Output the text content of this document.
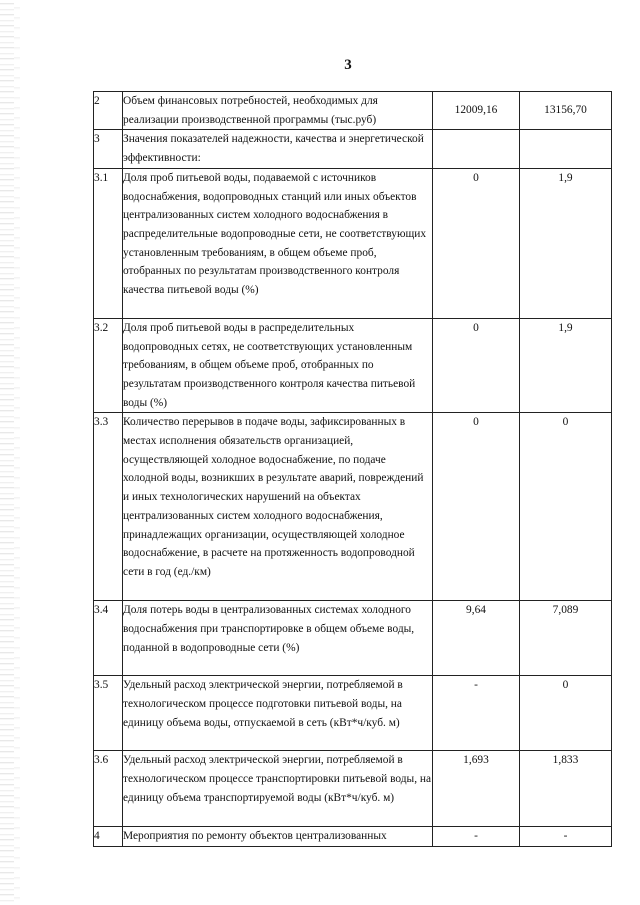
3
2	Объем финансовых потребностей, необходимых для реализации производственной программы (тыс.руб)	12009,16	13156,70
3	Значения показателей надежности, качества и энергетической эффективности:		

3.1	Доля проб питьевой воды, подаваемой с источников водоснабжения, водопроводных станций или иных объектов централизованных систем холодного водоснабжения в распределительные водопроводные сети, не соответствующих установленным требованиям, в общем объеме проб, отобранных по результатам производственного контроля качества питьевой воды (%)	0	1,9
3.2	Доля проб питьевой воды в распределительных водопроводных сетях, не соответствующих установленным требованиям, в общем объеме проб, отобранных по результатам производственного контроля качества питьевой воды (%)	0	1,9
3.3	Количество перерывов в подаче воды, зафиксированных в местах исполнения обязательств организацией, осуществляющей холодное водоснабжение, по подаче холодной воды, возникших в результате аварий, повреждений и иных технологических нарушений на объектах централизованных систем холодного водоснабжения, принадлежащих организации, осуществляющей холодное водоснабжение, в расчете на протяженность водопроводной сети в год (ед./км)	0	0
3.4	Доля потерь воды в централизованных системах холодного водоснабжения при транспортировке в общем объеме воды, поданной в водопроводные сети (%)	9,64	7,089
3.5	Удельный расход электрической энергии, потребляемой в технологическом процессе подготовки питьевой воды, на единицу объема воды, отпускаемой в сеть (кВт*ч/куб. м)	-	0
3.6	Удельный расход электрической энергии, потребляемой в технологическом процессе транспортировки питьевой воды, на единицу объема транспортируемой воды (кВт*ч/куб. м)	1,693	1,833
4	Мероприятия по ремонту объектов централизованных	-	-
